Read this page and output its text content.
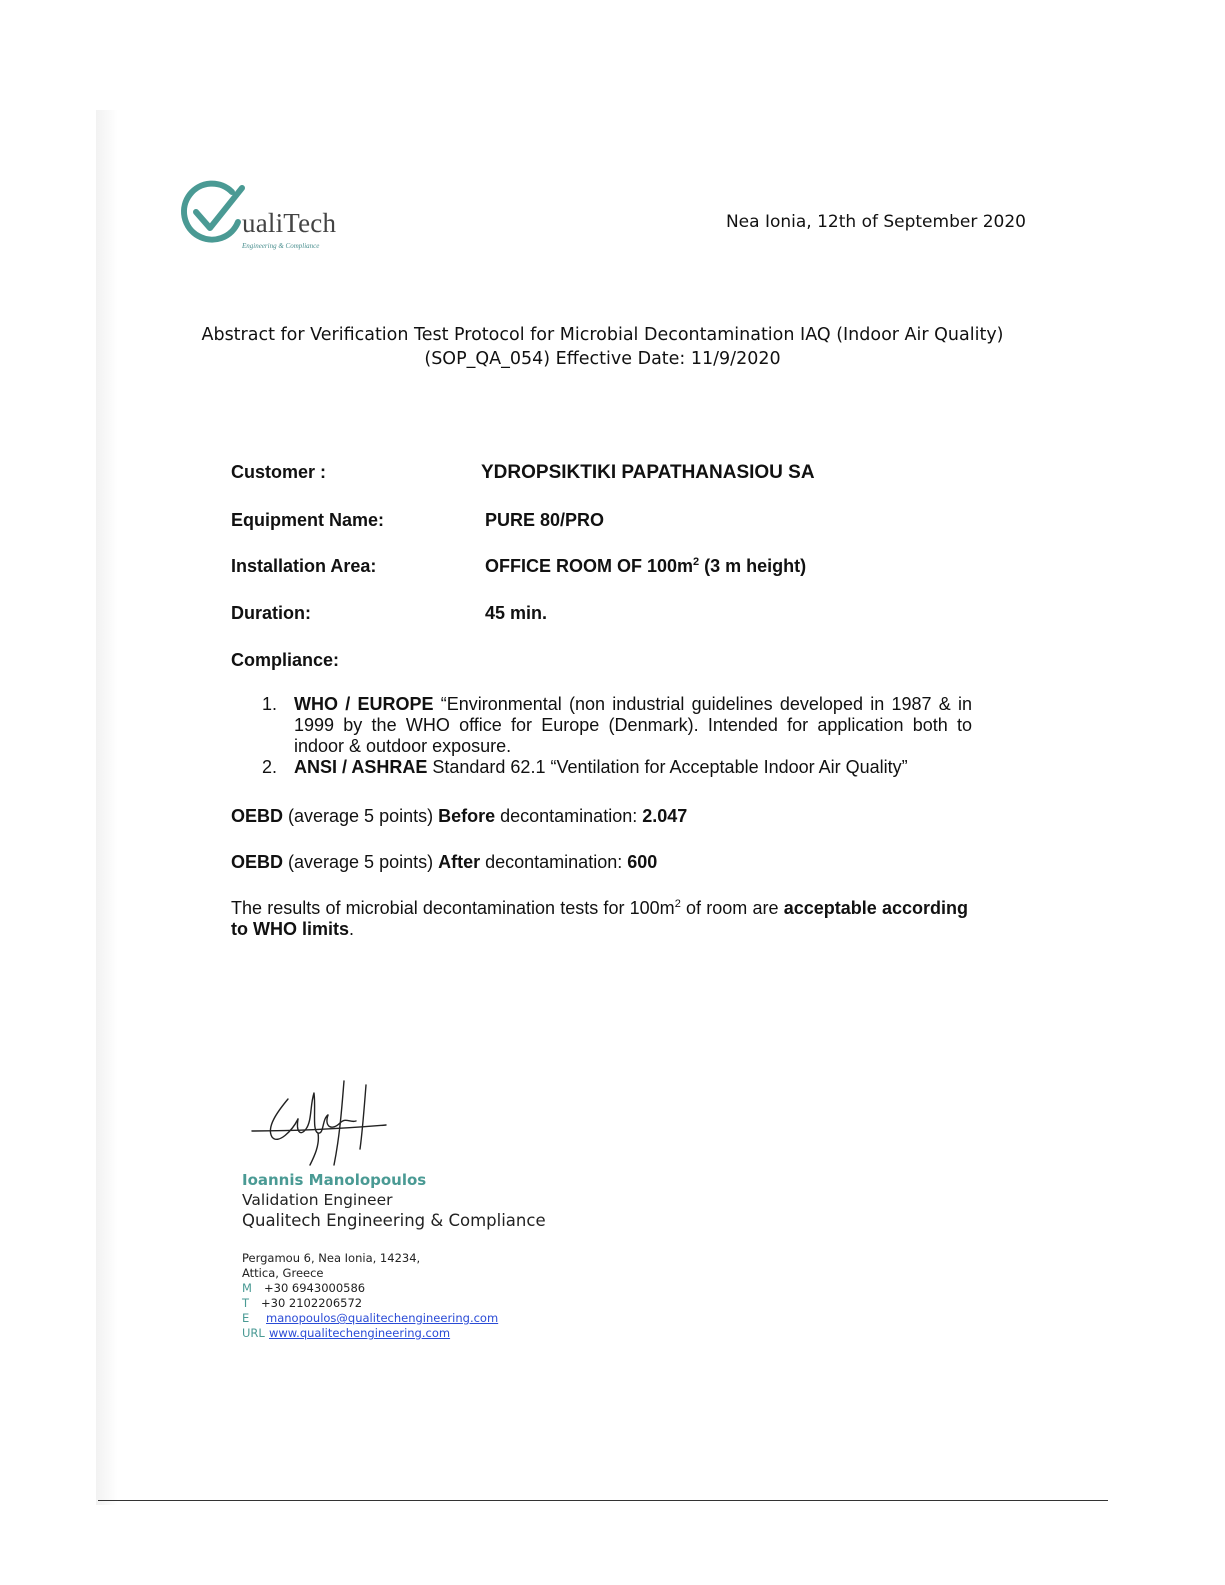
ualiTech
Engineering & Compliance
Nea Ionia, 12th of September 2020
Abstract for Verification Test Protocol for Microbial Decontamination IAQ (Indoor Air Quality)
(SOP_QA_054) Effective Date: 11/9/2020
Customer :	YDROPSIKTIKI PAPATHANASIOU SA
Equipment Name:	PURE 80/PRO
Installation Area:	OFFICE ROOM OF $100m^2$ (3 m height)
Duration:	45 min.
Compliance:
1. WHO / EUROPE “Environmental (non industrial guidelines developed in 1987 & in 1999 by the WHO office for Europe (Denmark). Intended for application both to indoor & outdoor exposure.
2. ANSI / ASHRAE Standard 62.1 “Ventilation for Acceptable Indoor Air Quality”
OEBD (average 5 points) Before decontamination: 2.047
OEBD (average 5 points) After decontamination: 600
The results of microbial decontamination tests for $100m^2$ of room are acceptable according to WHO limits.
Ioannis Manolopoulos
Validation Engineer
Qualitech Engineering & Compliance
Pergamou 6, Nea Ionia, 14234,
Attica, Greece
M +30 6943000586
T +30 2102206572
E manopoulos@qualitechengineering.com
URL www.qualitechengineering.com
